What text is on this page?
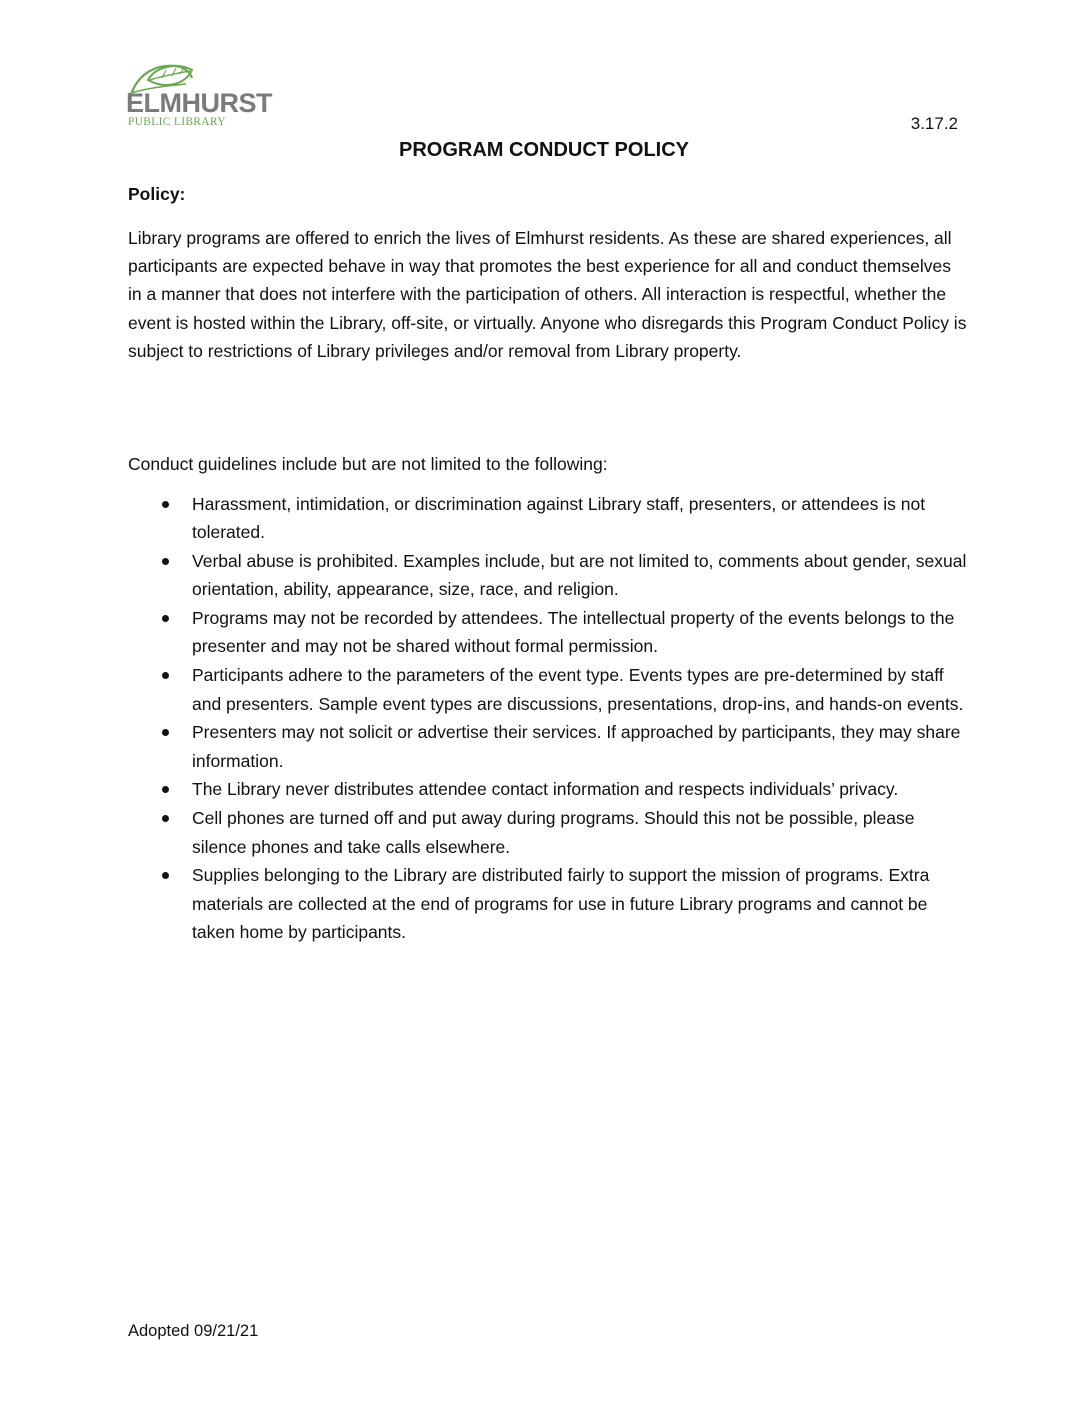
ELMHURST
PUBLIC LIBRARY	3.17.2
PROGRAM CONDUCT POLICY
Policy:

Library programs are offered to enrich the lives of Elmhurst residents. As these are shared experiences, all participants are expected behave in way that promotes the best experience for all and conduct themselves in a manner that does not interfere with the participation of others. All interaction is respectful, whether the event is hosted within the Library, off-site, or virtually. Anyone who disregards this Program Conduct Policy is subject to restrictions of Library privileges and/or removal from Library property.

Conduct guidelines include but are not limited to the following:
Harassment, intimidation, or discrimination against Library staff, presenters, or attendees is not tolerated.
Verbal abuse is prohibited. Examples include, but are not limited to, comments about gender, sexual orientation, ability, appearance, size, race, and religion.
Programs may not be recorded by attendees. The intellectual property of the events belongs to the presenter and may not be shared without formal permission.
Participants adhere to the parameters of the event type. Events types are pre-determined by staff and presenters. Sample event types are discussions, presentations, drop-ins, and hands-on events.
Presenters may not solicit or advertise their services. If approached by participants, they may share information.
The Library never distributes attendee contact information and respects individuals’ privacy.
Cell phones are turned off and put away during programs. Should this not be possible, please silence phones and take calls elsewhere.
Supplies belonging to the Library are distributed fairly to support the mission of programs. Extra materials are collected at the end of programs for use in future Library programs and cannot be taken home by participants.
Adopted 09/21/21
